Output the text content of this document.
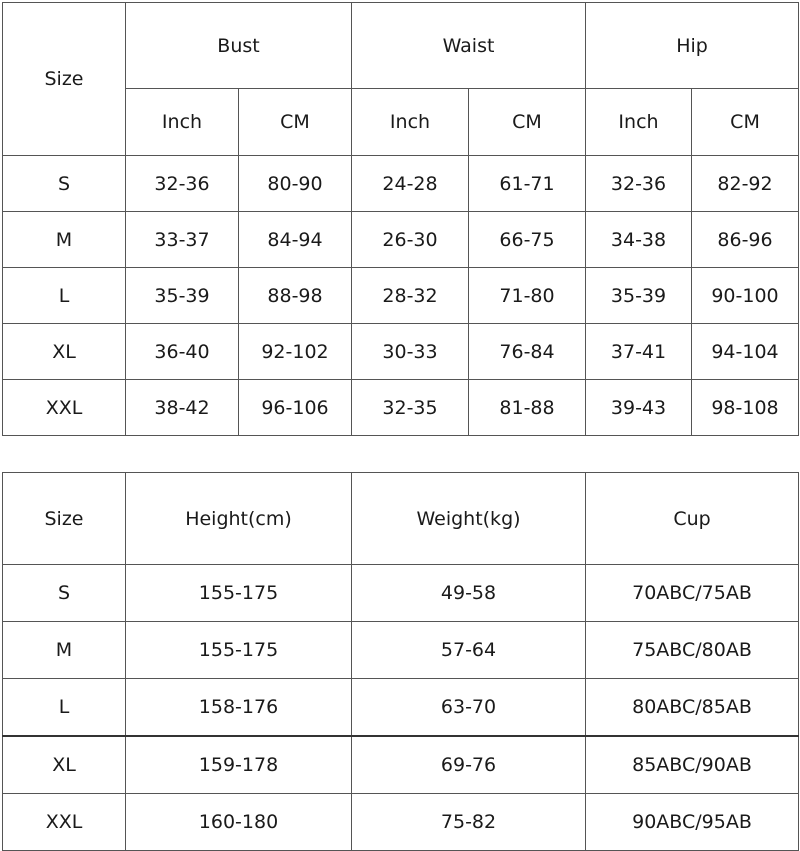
Size	Bust		Waist		Hip	
	Inch	CM	Inch	CM	Inch	CM
S	32-36	80-90	24-28	61-71	32-36	82-92
M	33-37	84-94	26-30	66-75	34-38	86-96
L	35-39	88-98	28-32	71-80	35-39	90-100
XL	36-40	92-102	30-33	76-84	37-41	94-104
XXL	38-42	96-106	32-35	81-88	39-43	98-108
Size	Height(cm)	Weight(kg)	Cup
S	155-175	49-58	70ABC/75AB
M	155-175	57-64	75ABC/80AB
L	158-176	63-70	80ABC/85AB
XL	159-178	69-76	85ABC/90AB
XXL	160-180	75-82	90ABC/95AB
